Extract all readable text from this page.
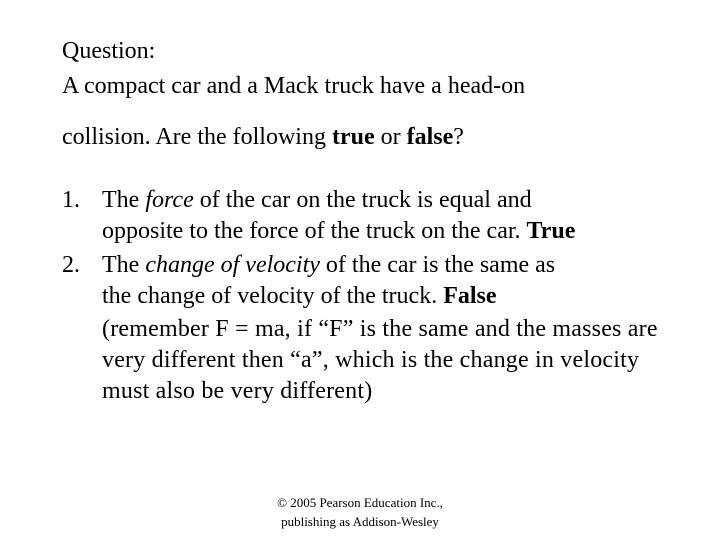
Question:
A compact car and a Mack truck have a head-on
collision. Are the following true or false?
1. The force of the car on the truck is equal and
opposite to the force of the truck on the car. True
2. The change of velocity of the car is the same as
the change of velocity of the truck. False
(remember F = ma, if “F” is the same and the masses are very different then “a”, which is the change in velocity must also be very different)
© 2005 Pearson Education Inc.,
publishing as Addison-Wesley
